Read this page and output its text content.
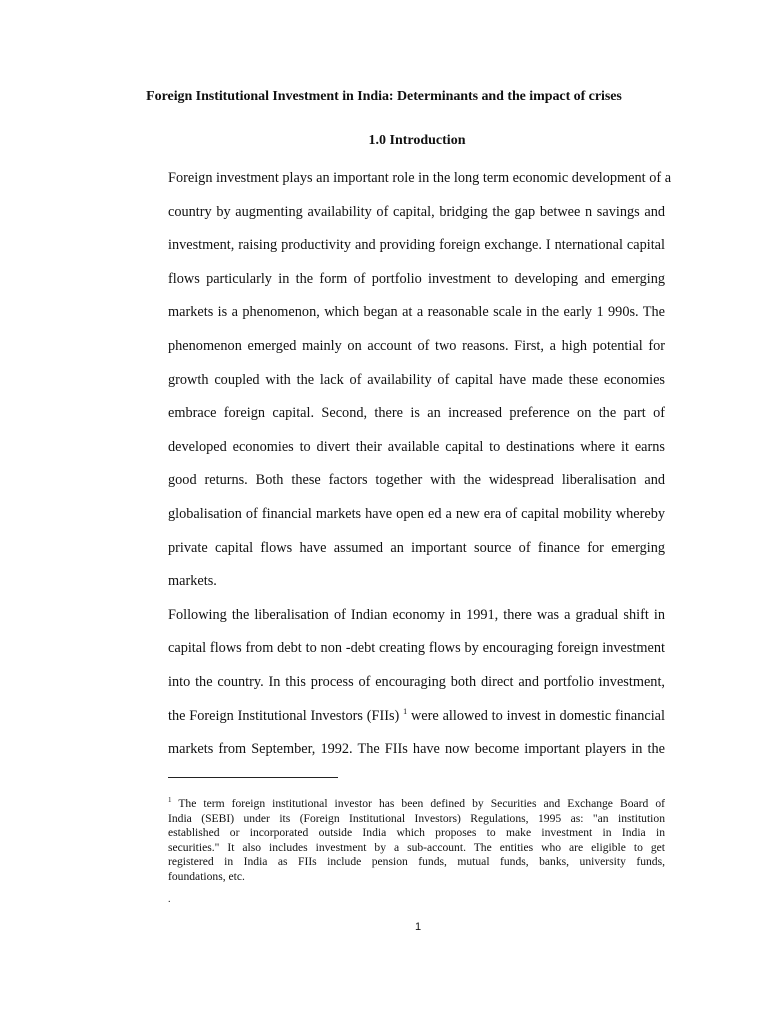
Foreign Institutional Investment in India: Determinants and the impact of crises
1.0 Introduction

Foreign investment plays an important role in the long term economic development of a
country by augmenting availability of capital, bridging the gap betwee n savings and
investment, raising productivity and providing foreign exchange. I nternational capital
flows particularly in the form of portfolio investment to developing and emerging
markets is a phenomenon, which began at a reasonable scale in the early 1 990s. The
phenomenon emerged mainly on account of two reasons. First, a high potential for
growth coupled with the lack of availability of capital have made these economies
embrace foreign capital. Second, there is an increased preference on the part of
developed economies to divert their available capital to destinations where it earns
good returns. Both these factors together with the widespread liberalisation and
globalisation of financial markets have open ed a new era of capital mobility whereby
private capital flows have assumed an important source of finance for emerging
markets.

Following the liberalisation of Indian economy in 1991, there was a gradual shift in
capital flows from debt to non -debt creating flows by encouraging foreign investment
into the country. In this process of encouraging both direct and portfolio investment,
the Foreign Institutional Investors (FIIs) $^1$ were allowed to invest in domestic financial
markets from September, 1992. The FIIs have now become important players in the

$^1$ The term foreign institutional investor has been defined by Securities and Exchange Board of
India (SEBI) under its (Foreign Institutional Investors) Regulations, 1995 as: "an institution
established or incorporated outside India which proposes to make investment in India in
securities." It also includes investment by a sub-account. The entities who are eligible to get
registered in India as FIIs include pension funds, mutual funds, banks, university funds,
foundations, etc.
.
1
